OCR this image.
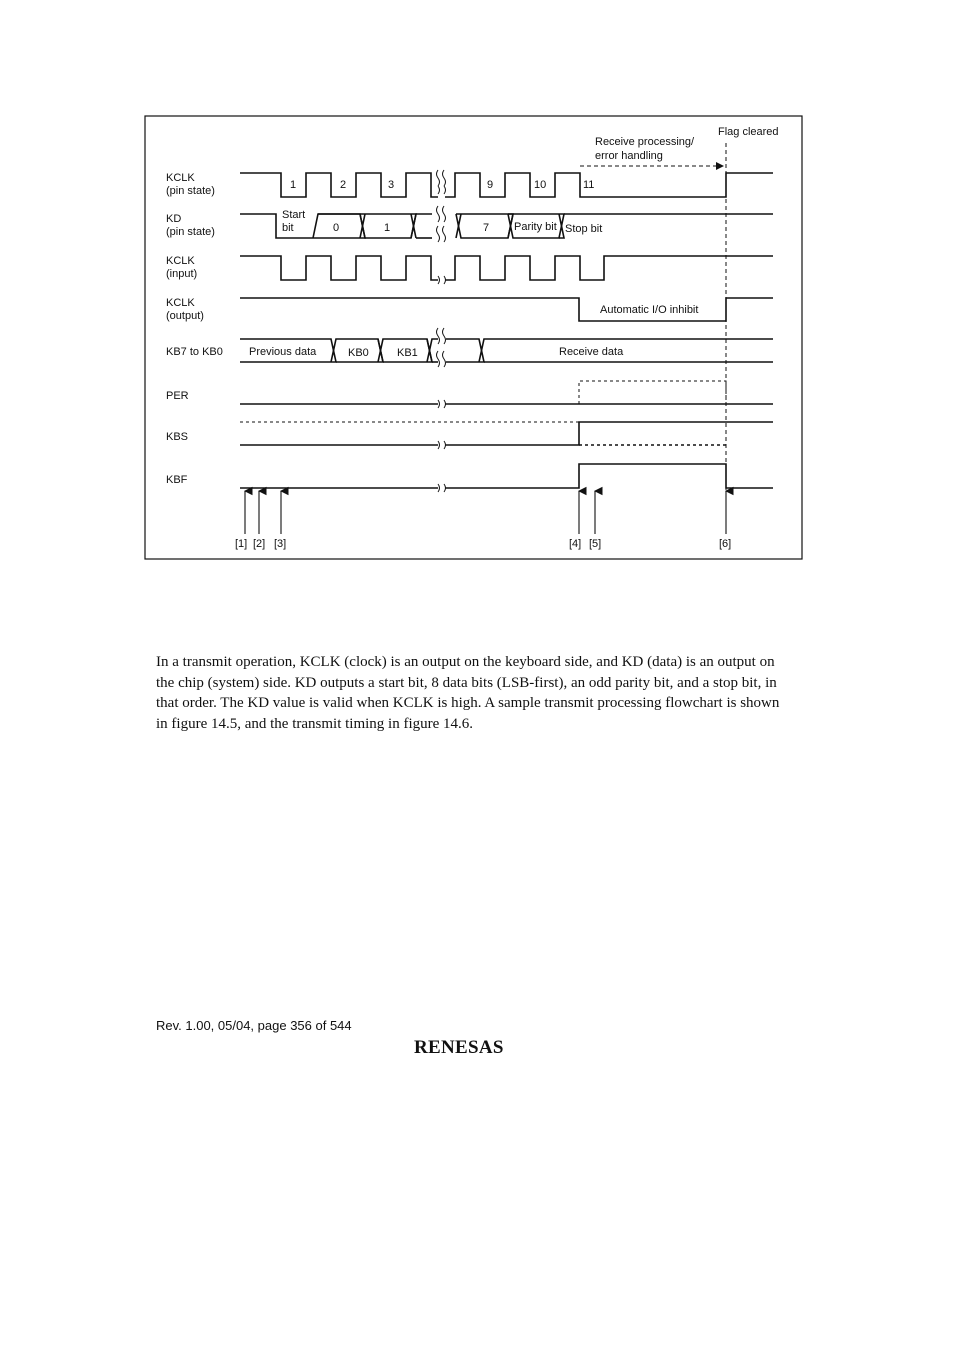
KCLK (pin state)
KD (pin state)
KCLK (input)
KCLK (output)
KB7 to KB0
PER
KBS
KBF
1	2	3	9	10	11
Receive processing/ error handling
Flag cleared
Start bit	0	1	7 Parity bit Stop bit
Automatic I/O inhibit
Previous data	KB0	KB1	Receive data
[1] [2] [3]	[4] [5]	[6]

In a transmit operation, KCLK (clock) is an output on the keyboard side, and KD (data) is an output on the chip (system) side. KD outputs a start bit, 8 data bits (LSB-first), an odd parity bit, and a stop bit, in that order. The KD value is valid when KCLK is high. A sample transmit processing flowchart is shown in figure 14.5, and the transmit timing in figure 14.6.

Rev. 1.00, 05/04, page 356 of 544
RENESAS
